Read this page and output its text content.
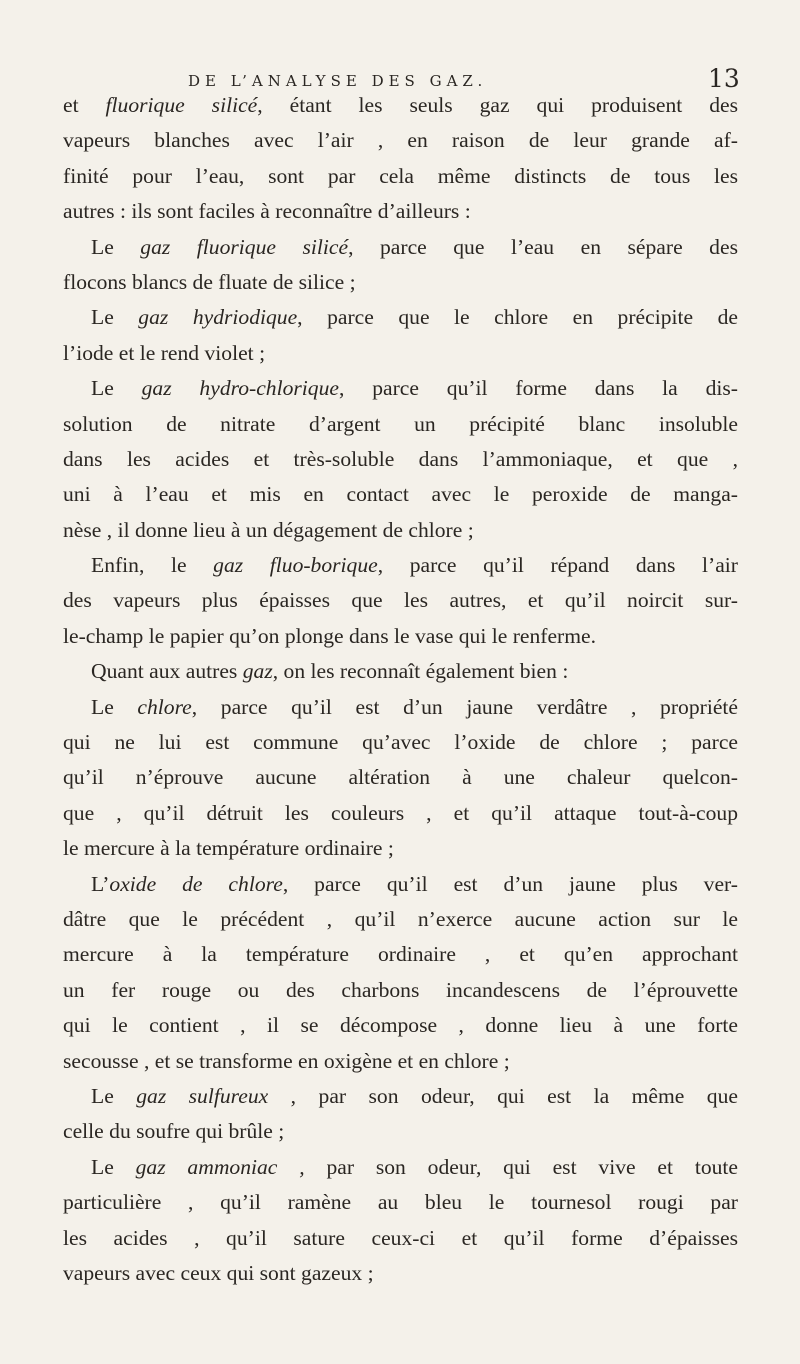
DE L’ANALYSE DES GAZ.	13
et fluorique silicé, étant les seuls gaz qui produisent des
vapeurs blanches avec l’air , en raison de leur grande af-
finité pour l’eau, sont par cela même distincts de tous les
autres : ils sont faciles à reconnaître d’ailleurs :
Le gaz fluorique silicé, parce que l’eau en sépare des
flocons blancs de fluate de silice ;
Le gaz hydriodique, parce que le chlore en précipite de
l’iode et le rend violet ;
Le gaz hydro-chlorique, parce qu’il forme dans la dis-
solution de nitrate d’argent un précipité blanc insoluble
dans les acides et très-soluble dans l’ammoniaque, et que ,
uni à l’eau et mis en contact avec le peroxide de manga-
nèse , il donne lieu à un dégagement de chlore ;
Enfin, le gaz fluo-borique, parce qu’il répand dans l’air
des vapeurs plus épaisses que les autres, et qu’il noircit sur-
le-champ le papier qu’on plonge dans le vase qui le renferme.
Quant aux autres gaz, on les reconnaît également bien :
Le chlore, parce qu’il est d’un jaune verdâtre , propriété
qui ne lui est commune qu’avec l’oxide de chlore ; parce
qu’il n’éprouve aucune altération à une chaleur quelcon-
que , qu’il détruit les couleurs , et qu’il attaque tout-à-coup
le mercure à la température ordinaire ;
L’oxide de chlore, parce qu’il est d’un jaune plus ver-
dâtre que le précédent , qu’il n’exerce aucune action sur le
mercure à la température ordinaire , et qu’en approchant
un fer rouge ou des charbons incandescens de l’éprouvette
qui le contient , il se décompose , donne lieu à une forte
secousse , et se transforme en oxigène et en chlore ;
Le gaz sulfureux , par son odeur, qui est la même que
celle du soufre qui brûle ;
Le gaz ammoniac , par son odeur, qui est vive et toute
particulière , qu’il ramène au bleu le tournesol rougi par
les acides , qu’il sature ceux-ci et qu’il forme d’épaisses
vapeurs avec ceux qui sont gazeux ;
